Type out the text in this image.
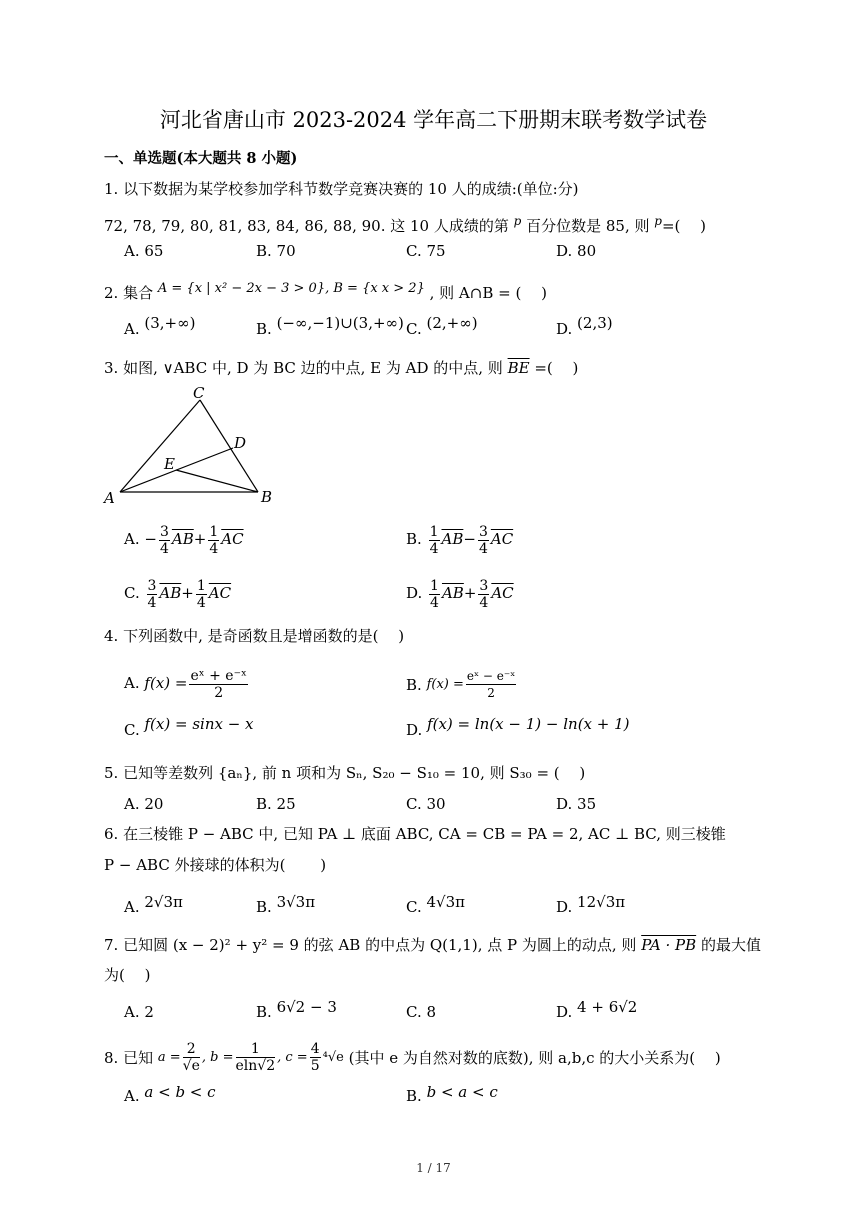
河北省唐山市 2023-2024 学年高二下册期末联考数学试卷
一、单选题(本大题共 8 小题)
1. 以下数据为某学校参加学科节数学竞赛决赛的 10 人的成绩:(单位:分)
72, 78, 79, 80, 81, 83, 84, 86, 88, 90. 这 10 人成绩的第 $^p$ 百分位数是 85, 则 $^p$=(　 )
A. 65	B. 70	C. 75	D. 80
2. 集合 A = {x | x² − 2x − 3 > 0}, B = {x x > 2} , 则 A∩B = (　 )
A. (3,+∞)	B. (−∞,−1)∪(3,+∞) C. (2,+∞)	D. (2,3)
3. 如图, ∨ABC 中, D 为 BC 边的中点, E 为 AD 的中点, 则 $\overline{BE}$ =(　 )
C
D
E
A	B
A. − $\frac{3}{4} \overline{AB}+ \frac{1}{4} \overline{AC}$	B. $\frac{1}{4} \overline{AB}- \frac{3}{4} \overline{AC}$
C. $\frac{3}{4} \overline{AB}+ \frac{1}{4} \overline{AC}$	D. $\frac{1}{4} \overline{AB}+ \frac{3}{4} \overline{AC}$
4. 下列函数中, 是奇函数且是增函数的是(　 )
A. $f(x) = \frac{\text{eˣ + e⁻ˣ}}{2}$	B. $f(x) = \frac{\text{eˣ − e⁻ˣ}}{2}$
C. f(x) = sinx − x	D. f(x) = ln(x − 1) − ln(x + 1)
5. 已知等差数列 {aₙ}, 前 n 项和为 Sₙ, S₂₀ − S₁₀ = 10, 则 S₃₀ = (　 )
A. 20	B. 25	C. 30	D. 35
6. 在三棱锥 P − ABC 中, 已知 PA ⊥ 底面 ABC, CA = CB = PA = 2, AC ⊥ BC, 则三棱锥
P − ABC 外接球的体积为(　　 )
A. 2√3π	B. 3√3π	C. 4√3π	D. 12√3π
7. 已知圆 (x − 2)² + y² = 9 的弦 AB 的中点为 Q(1,1), 点 P 为圆上的动点, 则 PA · PB 的最大值
为(　 )
A. 2	B. 6√2 − 3	C. 8	D. 4 + 6√2
8. 已知 $a = \frac{2}{√e}$ , $b = \frac{1}{eln√2}$ , $c = \frac{4}{5} ^4√e$ (其中 e 为自然对数的底数), 则 a,b,c 的大小关系为(　 )
A. a < b < c	B. b < a < c
1 / 17
